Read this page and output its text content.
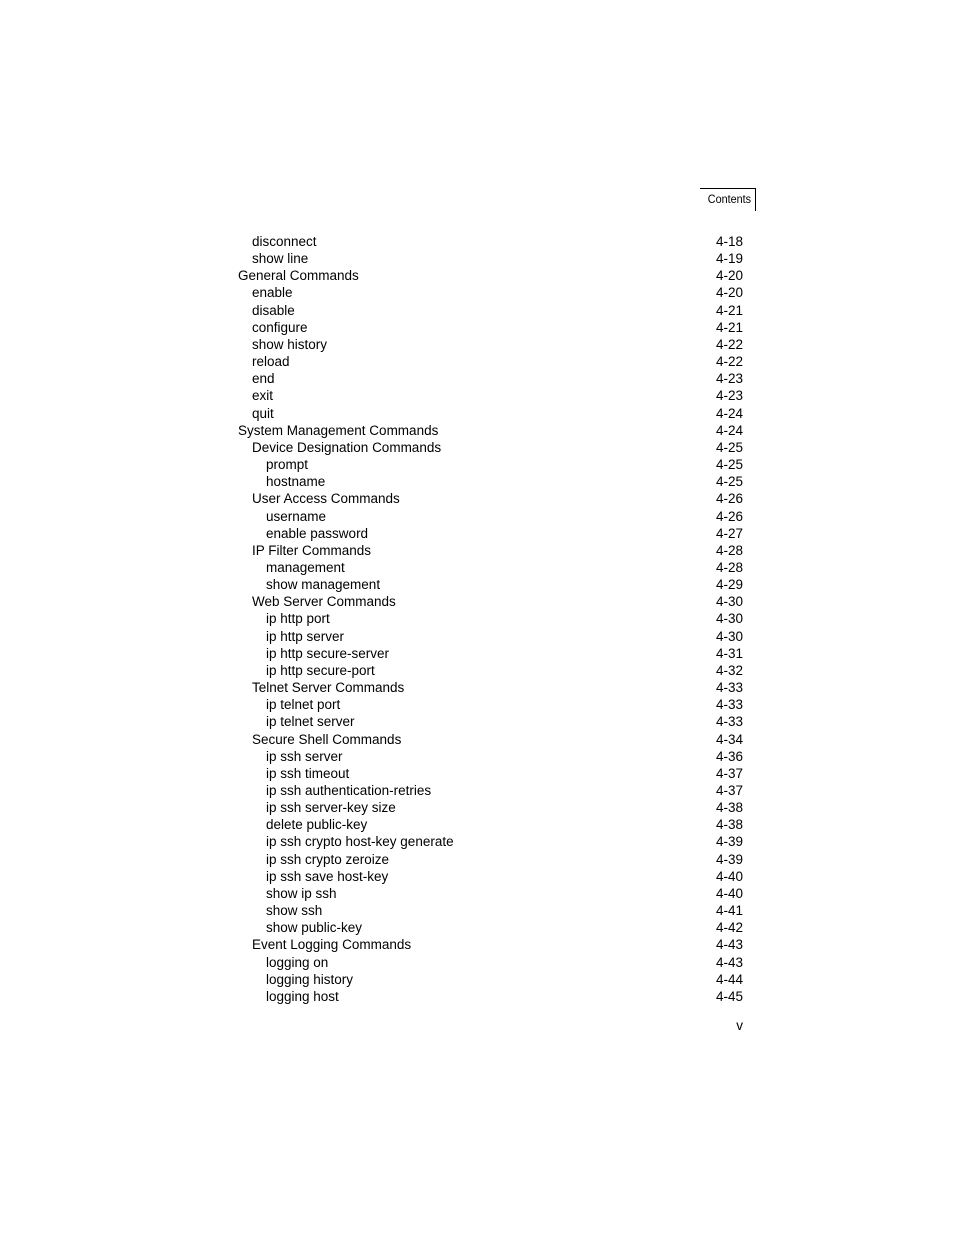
Contents
disconnect	4-18
show line	4-19
General Commands	4-20
enable	4-20
disable	4-21
configure	4-21
show history	4-22
reload	4-22
end	4-23
exit	4-23
quit	4-24
System Management Commands	4-24
Device Designation Commands	4-25
prompt	4-25
hostname	4-25
User Access Commands	4-26
username	4-26
enable password	4-27
IP Filter Commands	4-28
management	4-28
show management	4-29
Web Server Commands	4-30
ip http port	4-30
ip http server	4-30
ip http secure-server	4-31
ip http secure-port	4-32
Telnet Server Commands	4-33
ip telnet port	4-33
ip telnet server	4-33
Secure Shell Commands	4-34
ip ssh server	4-36
ip ssh timeout	4-37
ip ssh authentication-retries	4-37
ip ssh server-key size	4-38
delete public-key	4-38
ip ssh crypto host-key generate	4-39
ip ssh crypto zeroize	4-39
ip ssh save host-key	4-40
show ip ssh	4-40
show ssh	4-41
show public-key	4-42
Event Logging Commands	4-43
logging on	4-43
logging history	4-44
logging host	4-45
v
